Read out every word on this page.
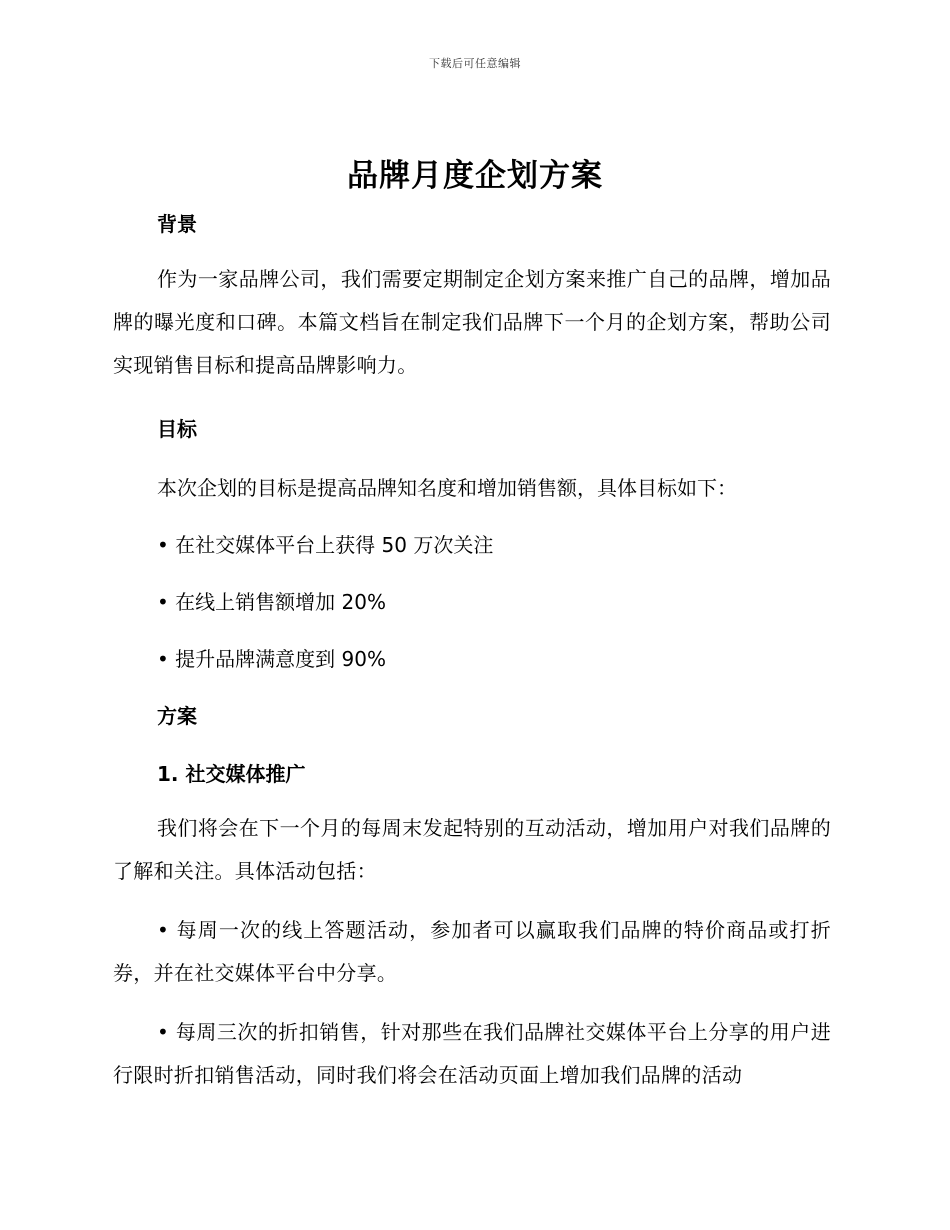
下载后可任意编辑
品牌月度企划方案
背景
作为一家品牌公司，我们需要定期制定企划方案来推广自己的品牌，增加品牌的曝光度和口碑。本篇文档旨在制定我们品牌下一个月的企划方案，帮助公司实现销售目标和提高品牌影响力。
目标
本次企划的目标是提高品牌知名度和增加销售额，具体目标如下：
• 在社交媒体平台上获得 50 万次关注
• 在线上销售额增加 20%
• 提升品牌满意度到 90%
方案
1. 社交媒体推广
我们将会在下一个月的每周末发起特别的互动活动，增加用户对我们品牌的了解和关注。具体活动包括：
• 每周一次的线上答题活动，参加者可以赢取我们品牌的特价商品或打折券，并在社交媒体平台中分享。
• 每周三次的折扣销售，针对那些在我们品牌社交媒体平台上分享的用户进行限时折扣销售活动，同时我们将会在活动页面上增加我们品牌的活动
